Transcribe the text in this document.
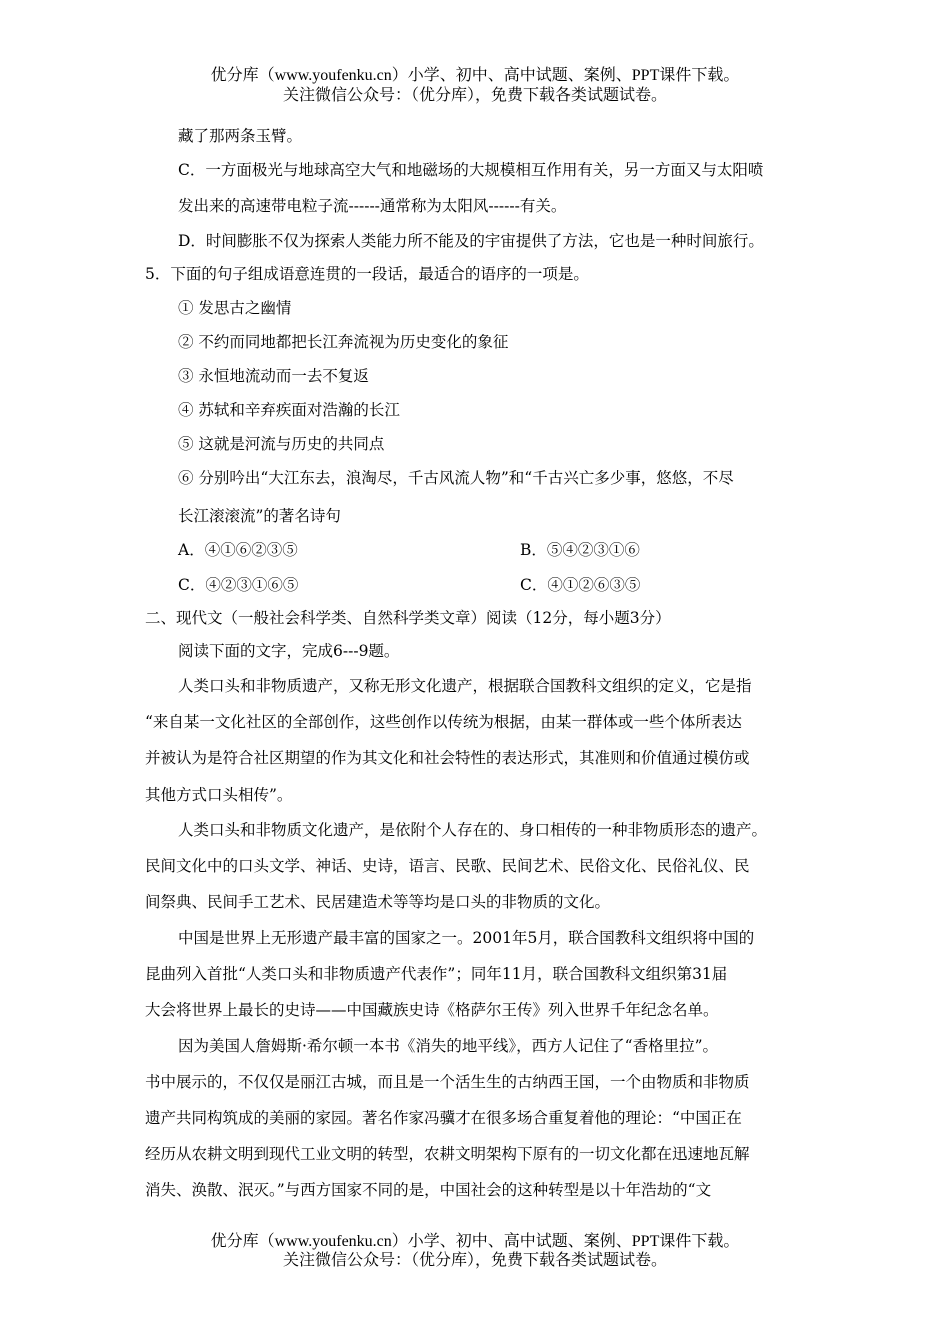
优分库（www.youfenku.cn）小学、初中、高中试题、案例、PPT课件下载。
关注微信公众号：（优分库），免费下载各类试题试卷。
藏了那两条玉臂。
C．一方面极光与地球高空大气和地磁场的大规模相互作用有关，另一方面又与太阳喷
发出来的高速带电粒子流------通常称为太阳风------有关。
D．时间膨胀不仅为探索人类能力所不能及的宇宙提供了方法，它也是一种时间旅行。
5．下面的句子组成语意连贯的一段话，最适合的语序的一项是。
① 发思古之幽情
② 不约而同地都把长江奔流视为历史变化的象征
③ 永恒地流动而一去不复返
④ 苏轼和辛弃疾面对浩瀚的长江
⑤ 这就是河流与历史的共同点
⑥ 分别吟出“大江东去，浪淘尽，千古风流人物”和“千古兴亡多少事，悠悠，不尽
长江滚滚流”的著名诗句
A．④①⑥②③⑤	B．⑤④②③①⑥
C．④②③①⑥⑤	C．④①②⑥③⑤
二、现代文（一般社会科学类、自然科学类文章）阅读（12分，每小题3分）
阅读下面的文字，完成6---9题。
人类口头和非物质遗产，又称无形文化遗产，根据联合国教科文组织的定义，它是指
“来自某一文化社区的全部创作，这些创作以传统为根据，由某一群体或一些个体所表达
并被认为是符合社区期望的作为其文化和社会特性的表达形式，其准则和价值通过模仿或
其他方式口头相传”。
人类口头和非物质文化遗产，是依附个人存在的、身口相传的一种非物质形态的遗产。
民间文化中的口头文学、神话、史诗，语言、民歌、民间艺术、民俗文化、民俗礼仪、民
间祭典、民间手工艺术、民居建造术等等均是口头的非物质的文化。
中国是世界上无形遗产最丰富的国家之一。2001年5月，联合国教科文组织将中国的
昆曲列入首批“人类口头和非物质遗产代表作”；同年11月，联合国教科文组织第31届
大会将世界上最长的史诗——中国藏族史诗《格萨尔王传》列入世界千年纪念名单。
因为美国人詹姆斯·希尔顿一本书《消失的地平线》，西方人记住了“香格里拉”。
书中展示的，不仅仅是丽江古城，而且是一个活生生的古纳西王国，一个由物质和非物质
遗产共同构筑成的美丽的家园。著名作家冯骥才在很多场合重复着他的理论：“中国正在
经历从农耕文明到现代工业文明的转型，农耕文明架构下原有的一切文化都在迅速地瓦解
消失、涣散、泯灭。”与西方国家不同的是，中国社会的这种转型是以十年浩劫的“文
优分库（www.youfenku.cn）小学、初中、高中试题、案例、PPT课件下载。
关注微信公众号：（优分库），免费下载各类试题试卷。
